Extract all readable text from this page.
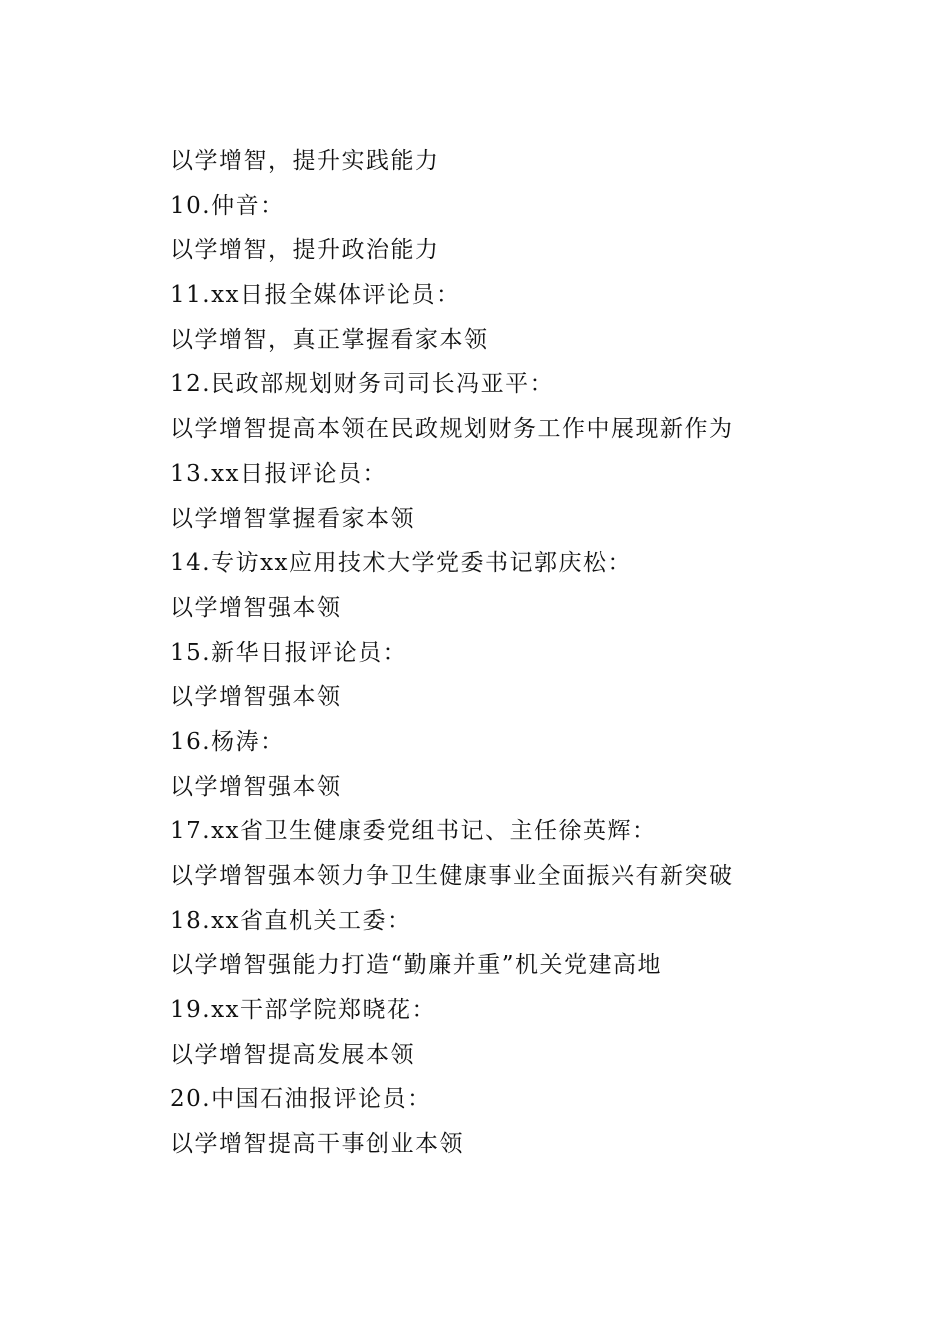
以学增智，提升实践能力
10.仲音：
以学增智，提升政治能力
11.xx日报全媒体评论员：
以学增智，真正掌握看家本领
12.民政部规划财务司司长冯亚平：
以学增智提高本领在民政规划财务工作中展现新作为
13.xx日报评论员：
以学增智掌握看家本领
14.专访xx应用技术大学党委书记郭庆松：
以学增智强本领
15.新华日报评论员：
以学增智强本领
16.杨涛：
以学增智强本领
17.xx省卫生健康委党组书记、主任徐英辉：
以学增智强本领力争卫生健康事业全面振兴有新突破
18.xx省直机关工委：
以学增智强能力打造“勤廉并重”机关党建高地
19.xx干部学院郑晓花：
以学增智提高发展本领
20.中国石油报评论员：
以学增智提高干事创业本领
